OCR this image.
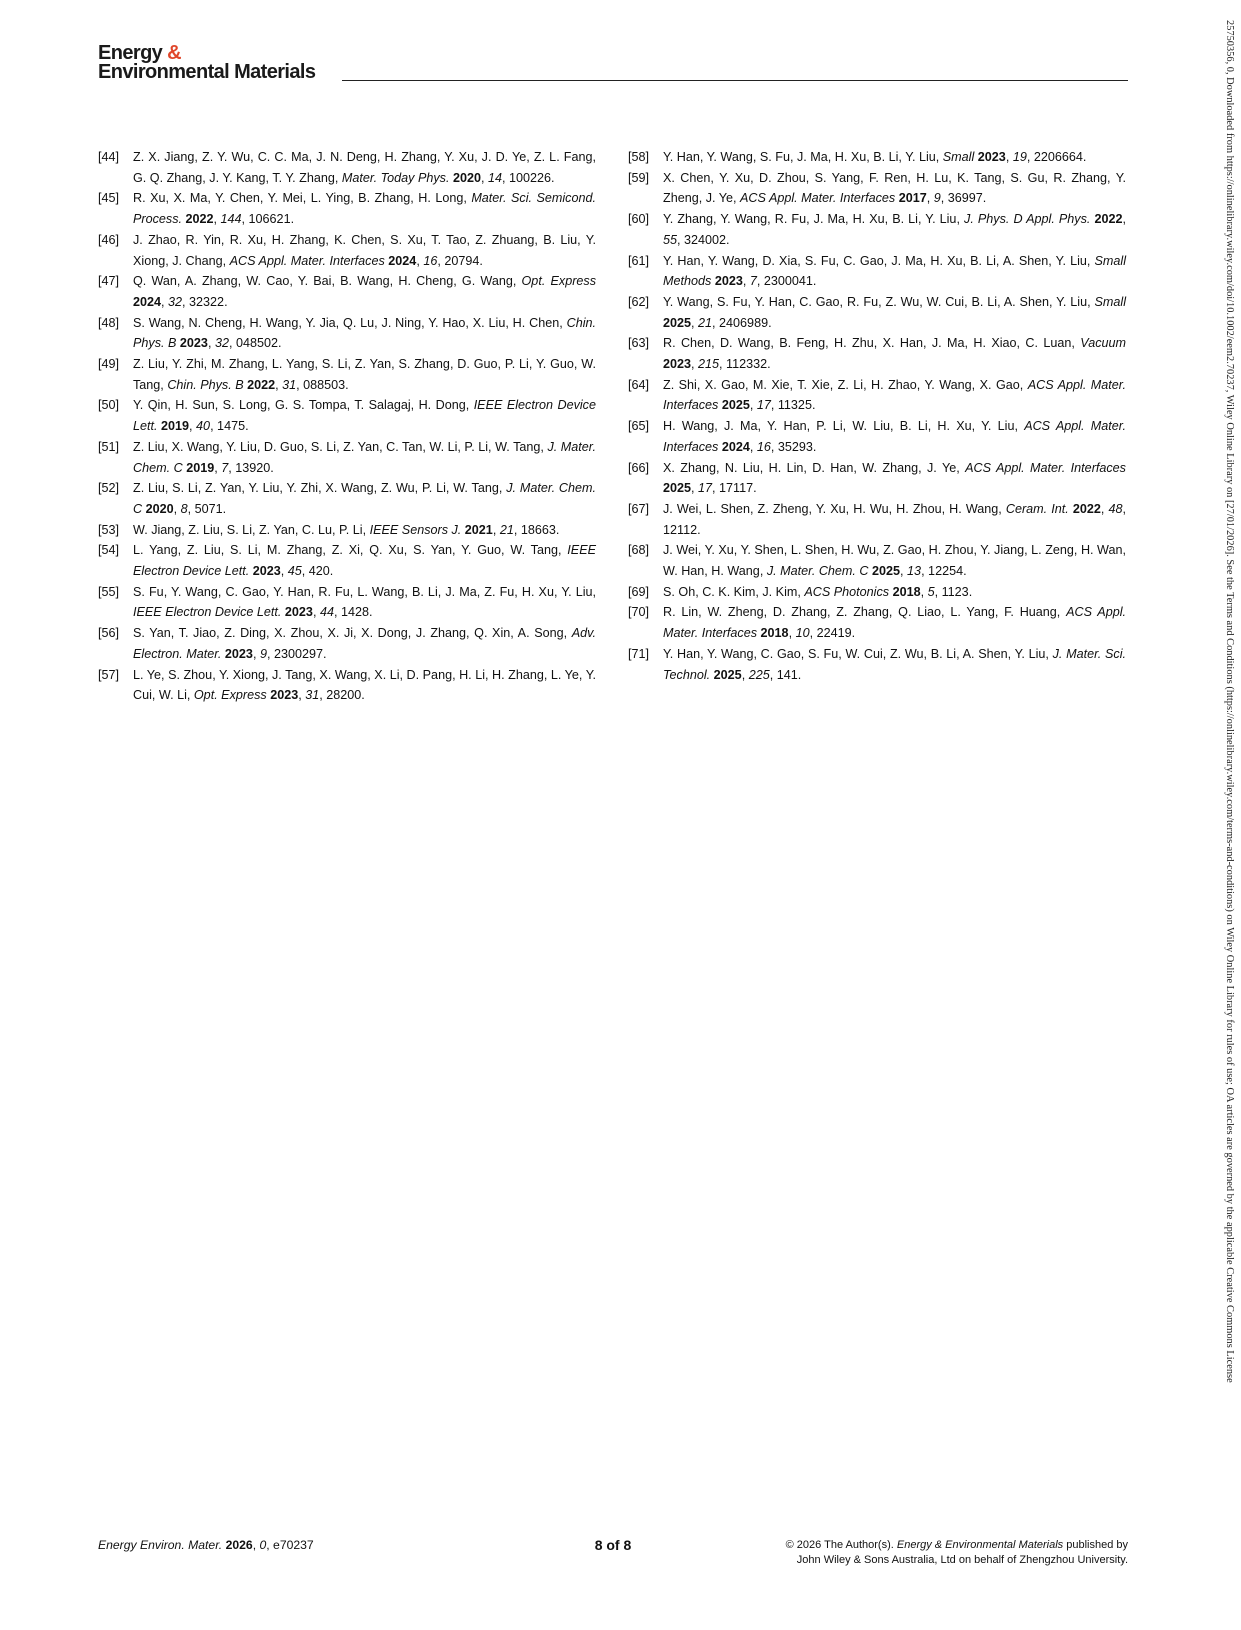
Energy &
Environmental Materials

[44] Z. X. Jiang, Z. Y. Wu, C. C. Ma, J. N. Deng, H. Zhang, Y. Xu, J. D. Ye, Z. L. Fang, G. Q. Zhang, J. Y. Kang, T. Y. Zhang, Mater. Today Phys. 2020, 14, 100226.

[45] R. Xu, X. Ma, Y. Chen, Y. Mei, L. Ying, B. Zhang, H. Long, Mater. Sci. Semicond. Process. 2022, 144, 106621.

[46] J. Zhao, R. Yin, R. Xu, H. Zhang, K. Chen, S. Xu, T. Tao, Z. Zhuang, B. Liu, Y. Xiong, J. Chang, ACS Appl. Mater. Interfaces 2024, 16, 20794.

[47] Q. Wan, A. Zhang, W. Cao, Y. Bai, B. Wang, H. Cheng, G. Wang, Opt. Express 2024, 32, 32322.

[48] S. Wang, N. Cheng, H. Wang, Y. Jia, Q. Lu, J. Ning, Y. Hao, X. Liu, H. Chen, Chin. Phys. B 2023, 32, 048502.

[49] Z. Liu, Y. Zhi, M. Zhang, L. Yang, S. Li, Z. Yan, S. Zhang, D. Guo, P. Li, Y. Guo, W. Tang, Chin. Phys. B 2022, 31, 088503.

[50] Y. Qin, H. Sun, S. Long, G. S. Tompa, T. Salagaj, H. Dong, IEEE Electron Device Lett. 2019, 40, 1475.

[51] Z. Liu, X. Wang, Y. Liu, D. Guo, S. Li, Z. Yan, C. Tan, W. Li, P. Li, W. Tang, J. Mater. Chem. C 2019, 7, 13920.

[52] Z. Liu, S. Li, Z. Yan, Y. Liu, Y. Zhi, X. Wang, Z. Wu, P. Li, W. Tang, J. Mater. Chem. C 2020, 8, 5071.

[53] W. Jiang, Z. Liu, S. Li, Z. Yan, C. Lu, P. Li, IEEE Sensors J. 2021, 21, 18663.

[54] L. Yang, Z. Liu, S. Li, M. Zhang, Z. Xi, Q. Xu, S. Yan, Y. Guo, W. Tang, IEEE Electron Device Lett. 2023, 45, 420.

[55] S. Fu, Y. Wang, C. Gao, Y. Han, R. Fu, L. Wang, B. Li, J. Ma, Z. Fu, H. Xu, Y. Liu, IEEE Electron Device Lett. 2023, 44, 1428.

[56] S. Yan, T. Jiao, Z. Ding, X. Zhou, X. Ji, X. Dong, J. Zhang, Q. Xin, A. Song, Adv. Electron. Mater. 2023, 9, 2300297.

[57] L. Ye, S. Zhou, Y. Xiong, J. Tang, X. Wang, X. Li, D. Pang, H. Li, H. Zhang, L. Ye, Y. Cui, W. Li, Opt. Express 2023, 31, 28200.

[58] Y. Han, Y. Wang, S. Fu, J. Ma, H. Xu, B. Li, Y. Liu, Small 2023, 19, 2206664.

[59] X. Chen, Y. Xu, D. Zhou, S. Yang, F. Ren, H. Lu, K. Tang, S. Gu, R. Zhang, Y. Zheng, J. Ye, ACS Appl. Mater. Interfaces 2017, 9, 36997.

[60] Y. Zhang, Y. Wang, R. Fu, J. Ma, H. Xu, B. Li, Y. Liu, J. Phys. D Appl. Phys. 2022, 55, 324002.

[61] Y. Han, Y. Wang, D. Xia, S. Fu, C. Gao, J. Ma, H. Xu, B. Li, A. Shen, Y. Liu, Small Methods 2023, 7, 2300041.

[62] Y. Wang, S. Fu, Y. Han, C. Gao, R. Fu, Z. Wu, W. Cui, B. Li, A. Shen, Y. Liu, Small 2025, 21, 2406989.

[63] R. Chen, D. Wang, B. Feng, H. Zhu, X. Han, J. Ma, H. Xiao, C. Luan, Vacuum 2023, 215, 112332.

[64] Z. Shi, X. Gao, M. Xie, T. Xie, Z. Li, H. Zhao, Y. Wang, X. Gao, ACS Appl. Mater. Interfaces 2025, 17, 11325.

[65] H. Wang, J. Ma, Y. Han, P. Li, W. Liu, B. Li, H. Xu, Y. Liu, ACS Appl. Mater. Interfaces 2024, 16, 35293.

[66] X. Zhang, N. Liu, H. Lin, D. Han, W. Zhang, J. Ye, ACS Appl. Mater. Interfaces 2025, 17, 17117.

[67] J. Wei, L. Shen, Z. Zheng, Y. Xu, H. Wu, H. Zhou, H. Wang, Ceram. Int. 2022, 48, 12112.

[68] J. Wei, Y. Xu, Y. Shen, L. Shen, H. Wu, Z. Gao, H. Zhou, Y. Jiang, L. Zeng, H. Wan, W. Han, H. Wang, J. Mater. Chem. C 2025, 13, 12254.

[69] S. Oh, C. K. Kim, J. Kim, ACS Photonics 2018, 5, 1123.

[70] R. Lin, W. Zheng, D. Zhang, Z. Zhang, Q. Liao, L. Yang, F. Huang, ACS Appl. Mater. Interfaces 2018, 10, 22419.

[71] Y. Han, Y. Wang, C. Gao, S. Fu, W. Cui, Z. Wu, B. Li, A. Shen, Y. Liu, J. Mater. Sci. Technol. 2025, 225, 141.

Energy Environ. Mater. 2026, 0, e70237	8 of 8	© 2026 The Author(s). Energy & Environmental Materials published by
John Wiley & Sons Australia, Ltd on behalf of Zhengzhou University.
25750356, 0, Downloaded from https://onlinelibrary.wiley.com/doi/10.1002/eem2.70237, Wiley Online Library on [27/01/2026]. See the Terms and Conditions (https://onlinelibrary.wiley.com/terms-and-conditions) on Wiley Online Library for rules of use; OA articles are governed by the applicable Creative Commons License
